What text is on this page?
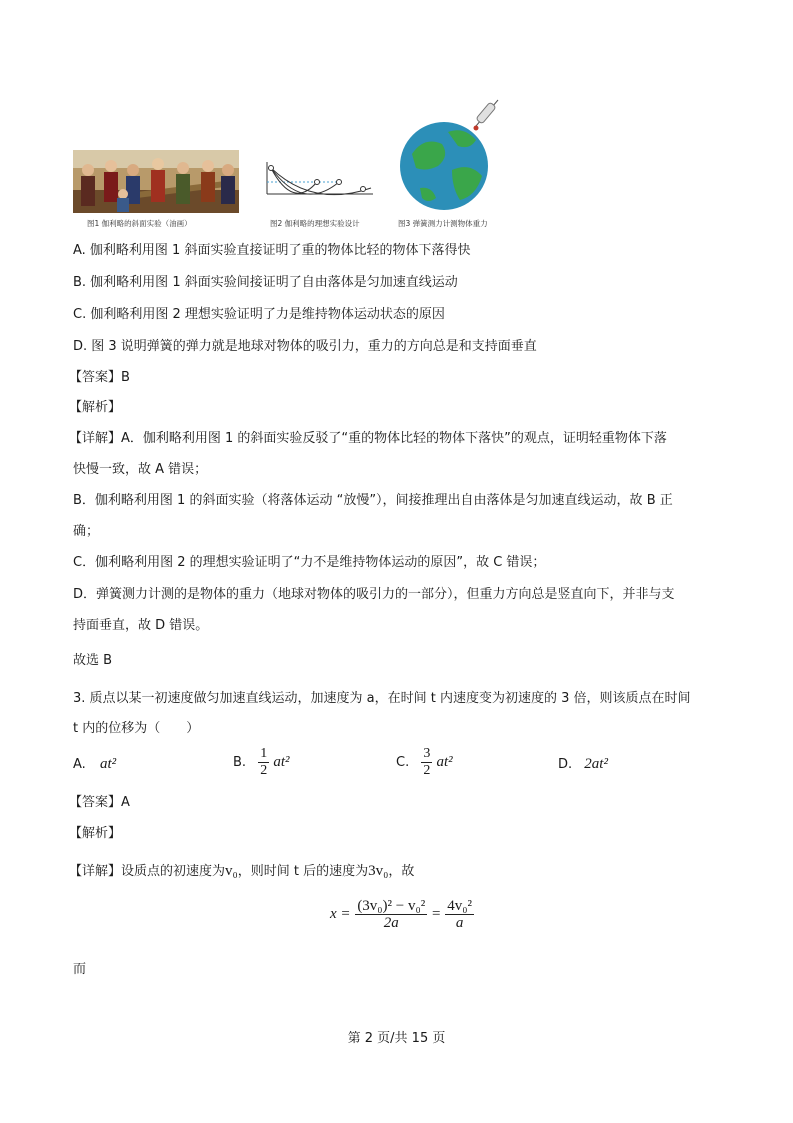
图1 伽利略的斜面实验（油画）	图2 伽利略的理想实验设计	图3 弹簧测力计测物体重力
A. 伽利略利用图 1 斜面实验直接证明了重的物体比轻的物体下落得快
B. 伽利略利用图 1 斜面实验间接证明了自由落体是匀加速直线运动
C. 伽利略利用图 2 理想实验证明了力是维持物体运动状态的原因
D. 图 3 说明弹簧的弹力就是地球对物体的吸引力，重力的方向总是和支持面垂直
【答案】B
【解析】
【详解】A．伽利略利用图 1 的斜面实验反驳了“重的物体比轻的物体下落快”的观点，证明轻重物体下落
快慢一致，故 A 错误；
B．伽利略利用图 1 的斜面实验（将落体运动 “放慢”），间接推理出自由落体是匀加速直线运动，故 B 正
确；
C．伽利略利用图 2 的理想实验证明了“力不是维持物体运动的原因”，故 C 错误；
D．弹簧测力计测的是物体的重力（地球对物体的吸引力的一部分），但重力方向总是竖直向下，并非与支
持面垂直，故 D 错误。
故选 B
3. 质点以某一初速度做匀加速直线运动，加速度为 a，在时间 t 内速度变为初速度的 3 倍，则该质点在时间
t 内的位移为（　　）
A. at²	B. $\frac{1}{2} at^2$	C. $\frac{3}{2} at^2$	D. 2at²
【答案】A
【解析】
【详解】设质点的初速度为v₀，则时间 t 后的速度为3v₀，故
$x = \frac{\text{(3v₀)² − v₀²}}{2a} = \frac{\text{4v₀²}}{a}$
而
第 2 页/共 15 页
